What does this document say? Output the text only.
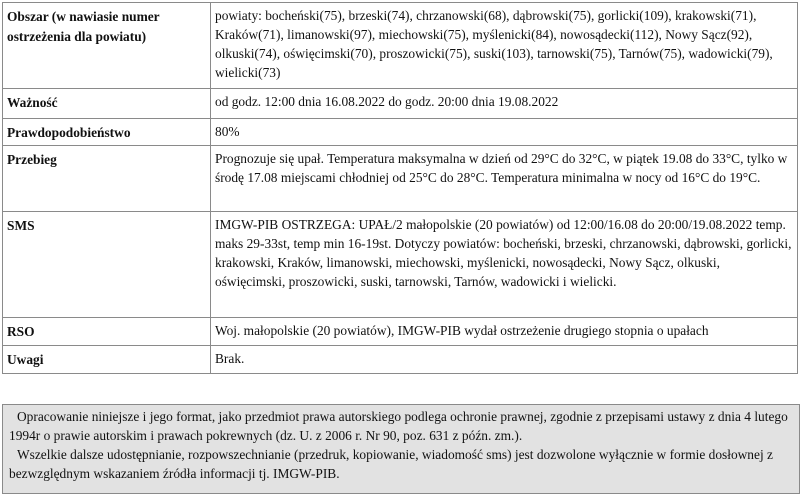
Obszar (w nawiasie numer ostrzeżenia dla powiatu)	powiaty: bocheński(75), brzeski(74), chrzanowski(68), dąbrowski(75), gorlicki(109), krakowski(71), Kraków(71), limanowski(97), miechowski(75), myślenicki(84), nowosądecki(112), Nowy Sącz(92), olkuski(74), oświęcimski(70), proszowicki(75), suski(103), tarnowski(75), Tarnów(75), wadowicki(79), wielicki(73)
Ważność	od godz. 12:00 dnia 16.08.2022 do godz. 20:00 dnia 19.08.2022
Prawdopodobieństwo	80%
Przebieg	Prognozuje się upał. Temperatura maksymalna w dzień od 29°C do 32°C, w piątek 19.08 do 33°C, tylko w środę 17.08 miejscami chłodniej od 25°C do 28°C. Temperatura minimalna w nocy od 16°C do 19°C.
SMS	IMGW-PIB OSTRZEGA: UPAŁ/2 małopolskie (20 powiatów) od 12:00/16.08 do 20:00/19.08.2022 temp. maks 29-33st, temp min 16-19st. Dotyczy powiatów: bocheński, brzeski, chrzanowski, dąbrowski, gorlicki, krakowski, Kraków, limanowski, miechowski, myślenicki, nowosądecki, Nowy Sącz, olkuski, oświęcimski, proszowicki, suski, tarnowski, Tarnów, wadowicki i wielicki.
RSO	Woj. małopolskie (20 powiatów), IMGW-PIB wydał ostrzeżenie drugiego stopnia o upałach
Uwagi	Brak.

Opracowanie niniejsze i jego format, jako przedmiot prawa autorskiego podlega ochronie prawnej, zgodnie z przepisami ustawy z dnia 4 lutego 1994r o prawie autorskim i prawach pokrewnych (dz. U. z 2006 r. Nr 90, poz. 631 z późn. zm.).

Wszelkie dalsze udostępnianie, rozpowszechnianie (przedruk, kopiowanie, wiadomość sms) jest dozwolone wyłącznie w formie dosłownej z bezwzględnym wskazaniem źródła informacji tj. IMGW-PIB.
